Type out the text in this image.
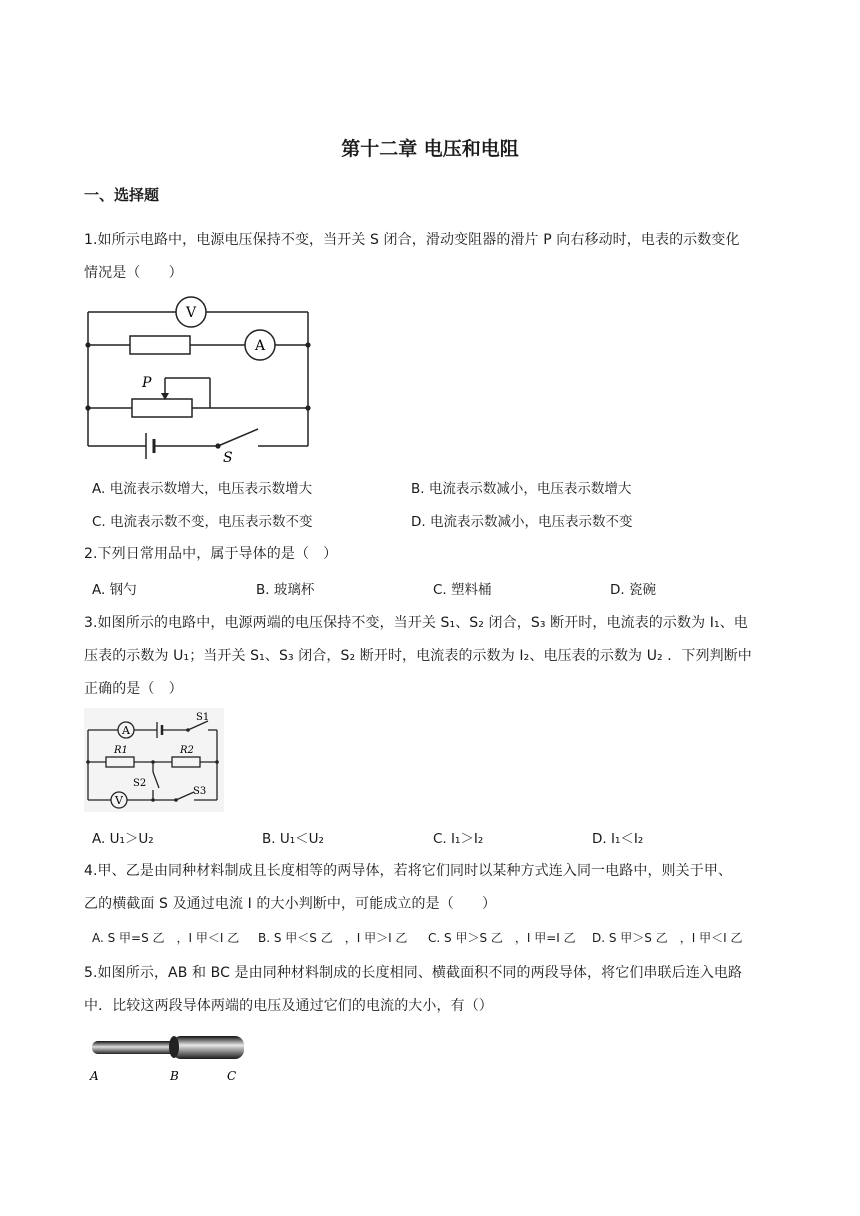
第十二章 电压和电阻
一、选择题
1.如所示电路中，电源电压保持不变，当开关 S 闭合，滑动变阻器的滑片 P 向右移动时，电表的示数变化
情况是（　　）
V
A
P
S
A. 电流表示数增大，电压表示数增大	B. 电流表示数减小，电压表示数增大
C. 电流表示数不变，电压表示数不变	D. 电流表示数减小，电压表示数不变
2.下列日常用品中，属于导体的是（　）
A. 钢勺	B. 玻璃杯	C. 塑料桶	D. 瓷碗
3.如图所示的电路中，电源两端的电压保持不变，当开关 S₁、S₂ 闭合，S₃ 断开时，电流表的示数为 I₁、电
压表的示数为 U₁；当开关 S₁、S₃ 闭合，S₂ 断开时，电流表的示数为 I₂、电压表的示数为 U₂ ．下列判断中
正确的是（　）
A
V
S1
S2
S3
R1	R2
A. U₁＞U₂	B. U₁＜U₂	C. I₁＞I₂	D. I₁＜I₂
4.甲、乙是由同种材料制成且长度相等的两导体，若将它们同时以某种方式连入同一电路中，则关于甲、
乙的横截面 S 及通过电流 I 的大小判断中，可能成立的是（　　）
A. S 甲=S 乙　，I 甲＜I 乙 B. S 甲＜S 乙　，I 甲＞I 乙 C. S 甲＞S 乙　，I 甲=I 乙 D. S 甲＞S 乙　，I 甲＜I 乙
5.如图所示，AB 和 BC 是由同种材料制成的长度相同、横截面积不同的两段导体，将它们串联后连入电路
中．比较这两段导体两端的电压及通过它们的电流的大小，有（）
A	B	C
